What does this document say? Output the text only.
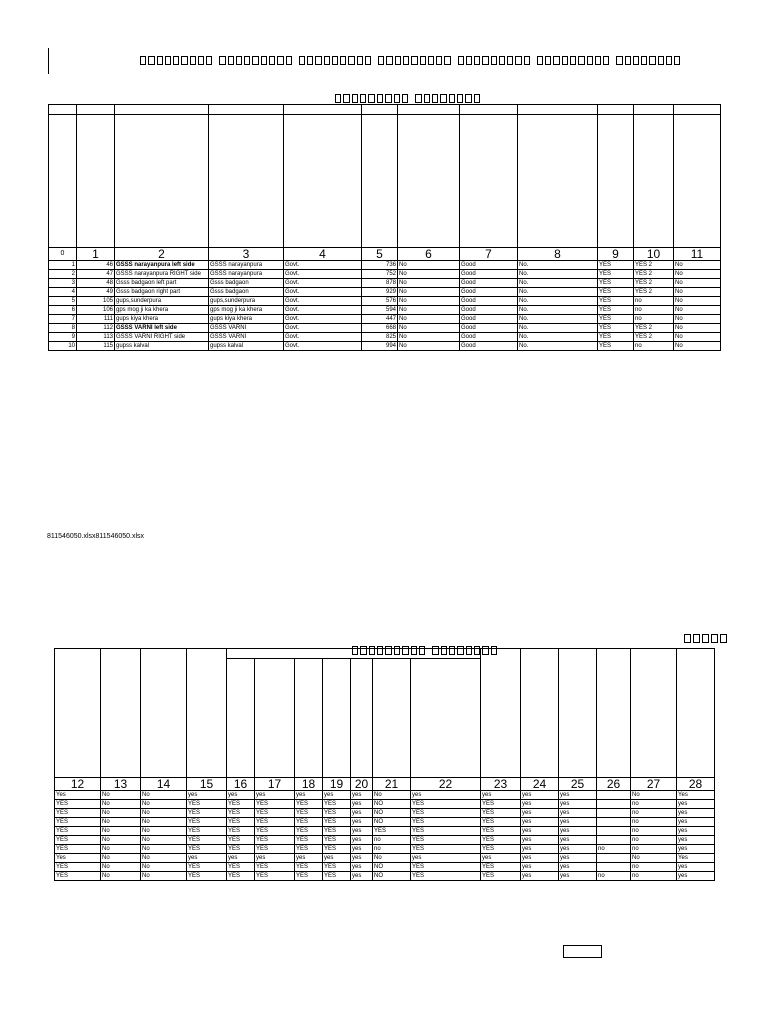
0	1	2	3	4	5	6	7	8	9	10	11
1	46	GSSS narayanpura left side	GSSS narayanpura	Govt.	736	No	Good	No.	YES	YES 2	No
2	47	GSSS narayanpura RIGHT side	GSSS narayanpura	Govt.	752	No	Good	No.	YES	YES 2	No
3	48	Gsss badgaon left part	Gsss badgaon	Govt.	878	No	Good	No.	YES	YES 2	No
4	49	Gsss badgaon right part	Gsss badgaon	Govt.	929	No	Good	No.	YES	YES 2	No
5	105	gups,sunderpura	gups,sunderpura	Govt.	576	No	Good	No.	YES	no	No
6	106	gps mog ji ka khera	gps mog ji ka khera	Govt.	594	No	Good	No.	YES	no	No
7	111	gups kiya khera	gups kiya khera	Govt.	447	No	Good	No.	YES	no	No
8	112	GSSS VARNI left side	GSSS VARNI	Govt.	668	No	Good	No.	YES	YES 2	No
9	113	GSSS VARNI RIGHT side	GSSS VARNI	Govt.	825	No	Good	No.	YES	YES 2	No
10	115	gupss kalval	gupss kalval	Govt.	994	No	Good	No.	YES	no	No
811546050.xlsx811546050.xlsx

12	13	14	15	16	17	18	19	20	21	22	23	24	25	26	27	28
Yes	No	No	yes	yes	yes	yes	yes	yes	No	yes	yes	yes	yes		No	Yes
YES	No	No	YES	YES	YES	YES	YES	yes	NO	YES	YES	yes	yes		no	yes
YES	No	No	YES	YES	YES	YES	YES	yes	NO	YES	YES	yes	yes		no	yes
YES	No	No	YES	YES	YES	YES	YES	yes	NO	YES	YES	yes	yes		no	yes
YES	No	No	YES	YES	YES	YES	YES	yes	YES	YES	YES	yes	yes		no	yes
YES	No	No	YES	YES	YES	YES	YES	yes	no	YES	YES	yes	yes		no	yes
YES	No	No	YES	YES	YES	YES	YES	yes	no	YES	YES	yes	yes	no	no	yes
Yes	No	No	yes	yes	yes	yes	yes	yes	No	yes	yes	yes	yes		No	Yes
YES	No	No	YES	YES	YES	YES	YES	yes	NO	YES	YES	yes	yes		no	yes
YES	No	No	YES	YES	YES	YES	YES	yes	NO	YES	YES	yes	yes	no	no	yes
